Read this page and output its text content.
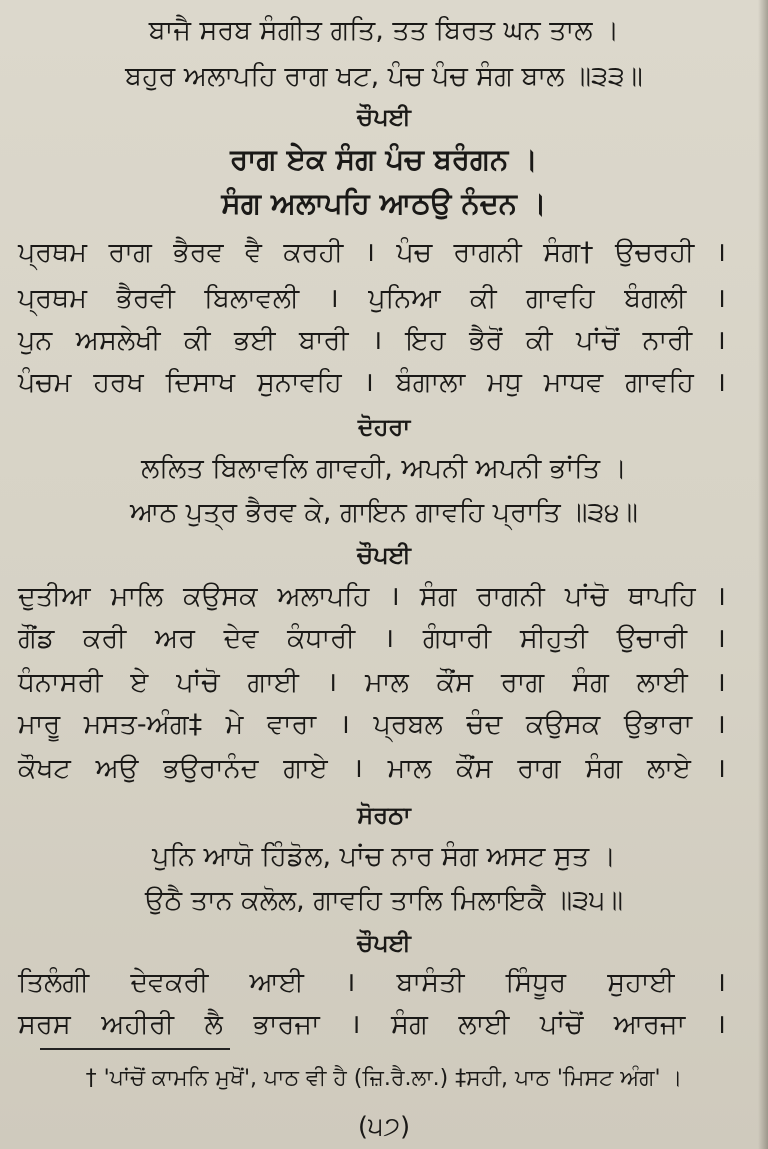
ਬਾਜੈ ਸਰਬ ਸੰਗੀਤ ਗਤਿ, ਤਤ ਬਿਰਤ ਘਨ ਤਾਲ ।
ਬਹੁਰ ਅਲਾਪਹਿ ਰਾਗ ਖਟ, ਪੰਚ ਪੰਚ ਸੰਗ ਬਾਲ ॥੩੩॥
ਚੌਪਈ
ਰਾਗ ਏਕ ਸੰਗ ਪੰਚ ਬਰੰਗਨ ।
ਸੰਗ ਅਲਾਪਹਿ ਆਠਉ ਨੰਦਨ ।
ਪ੍ਰਥਮ ਰਾਗ ਭੈਰਵ ਵੈ ਕਰਹੀ । ਪੰਚ ਰਾਗਨੀ ਸੰਗ† ਉਚਰਹੀ ।
ਪ੍ਰਥਮ ਭੈਰਵੀ ਬਿਲਾਵਲੀ । ਪੁਨਿਆ ਕੀ ਗਾਵਹਿ ਬੰਗਲੀ ।
ਪੁਨ ਅਸਲੇਖੀ ਕੀ ਭਈ ਬਾਰੀ । ਇਹ ਭੈਰੋਂ ਕੀ ਪਾਂਚੋਂ ਨਾਰੀ ।
ਪੰਚਮ ਹਰਖ ਦਿਸਾਖ ਸੁਨਾਵਹਿ । ਬੰਗਾਲਾ ਮਧੁ ਮਾਧਵ ਗਾਵਹਿ ।
ਦੋਹਰਾ
ਲਲਿਤ ਬਿਲਾਵਲਿ ਗਾਵਹੀ, ਅਪਨੀ ਅਪਨੀ ਭਾਂਤਿ ।
ਆਠ ਪੁਤ੍ਰ ਭੈਰਵ ਕੇ, ਗਾਇਨ ਗਾਵਹਿ ਪ੍ਰਾਤਿ ॥੩੪॥
ਚੌਪਈ
ਦੁਤੀਆ ਮਾਲਿ ਕਉਸਕ ਅਲਾਪਹਿ । ਸੰਗ ਰਾਗਨੀ ਪਾਂਚੋ ਥਾਪਹਿ ।
ਗੌਂਡ ਕਰੀ ਅਰ ਦੇਵ ਕੰਧਾਰੀ । ਗੰਧਾਰੀ ਸੀਹੁਤੀ ਉਚਾਰੀ ।
ਧੰਨਾਸਰੀ ਏ ਪਾਂਚੋ ਗਾਈ । ਮਾਲ ਕੌਂਸ ਰਾਗ ਸੰਗ ਲਾਈ ।
ਮਾਰੂ ਮਸਤ-ਅੰਗ‡ ਮੇ ਵਾਰਾ । ਪ੍ਰਬਲ ਚੰਦ ਕਉਸਕ ਉਭਾਰਾ ।
ਕੌਖਟ ਅਉ ਭਉਰਾਨੰਦ ਗਾਏ । ਮਾਲ ਕੌਂਸ ਰਾਗ ਸੰਗ ਲਾਏ ।
ਸੋਰਠਾ
ਪੁਨਿ ਆਯੋ ਹਿੰਡੋਲ, ਪਾਂਚ ਨਾਰ ਸੰਗ ਅਸਟ ਸੁਤ ।
ਉਠੈ ਤਾਨ ਕਲੋਲ, ਗਾਵਹਿ ਤਾਲਿ ਮਿਲਾਇਕੈ ॥੩੫॥
ਚੌਪਈ
ਤਿਲੰਗੀ ਦੇਵਕਰੀ ਆਈ । ਬਾਸੰਤੀ ਸਿੰਧੂਰ ਸੁਹਾਈ ।
ਸਰਸ ਅਹੀਰੀ ਲੈ ਭਾਰਜਾ । ਸੰਗ ਲਾਈ ਪਾਂਚੋਂ ਆਰਜਾ ।
† 'ਪਾਂਚੋਂ ਕਾਮਨਿ ਮੁਖੋਂ', ਪਾਠ ਵੀ ਹੈ (ਜ਼ਿ.ਰੈ.ਲਾ.) ‡ਸਹੀ, ਪਾਠ 'ਮਿਸਟ ਅੰਗ' ।
(੫੭)
